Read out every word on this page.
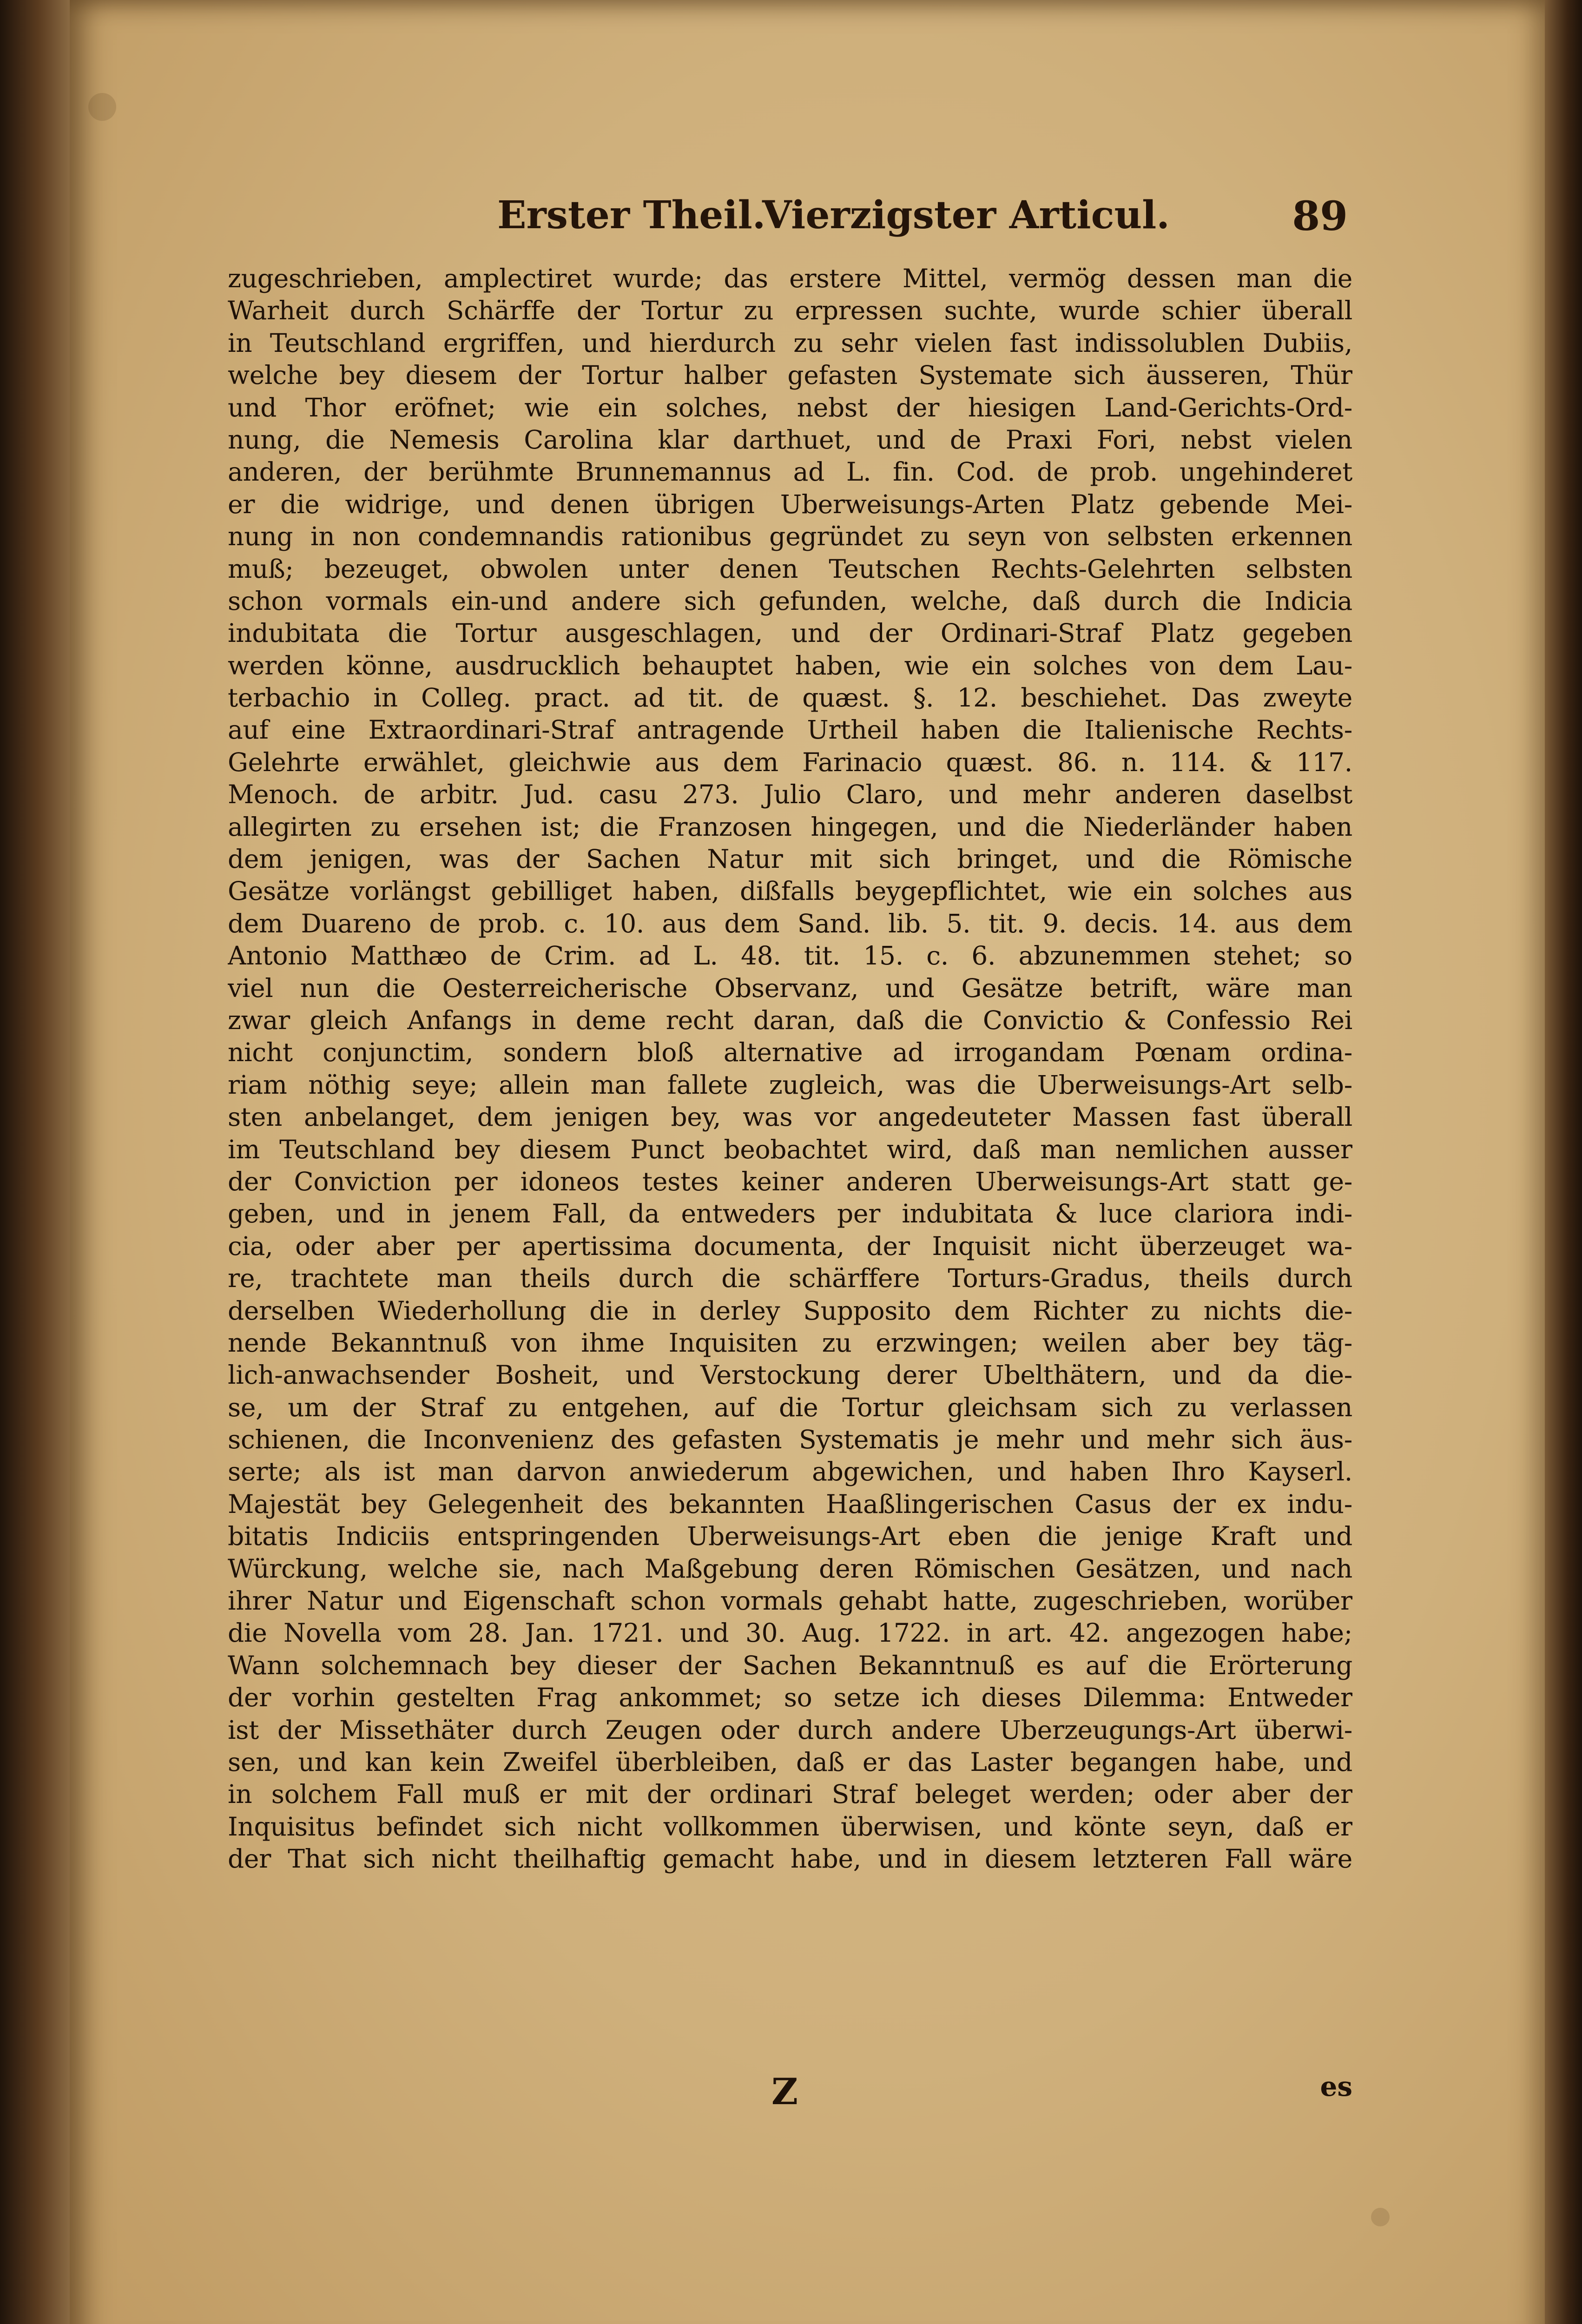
Erster Theil.
Vierzigster Articul.	89
zugeschrieben, amplectiret wurde; das erstere Mittel, vermög dessen man die
Warheit durch Schärffe der Tortur zu erpressen suchte, wurde schier überall
in Teutschland ergriffen, und hierdurch zu sehr vielen fast indissolublen Dubiis,
welche bey diesem der Tortur halber gefasten Systemate sich äusseren, Thür
und Thor eröfnet; wie ein solches, nebst der hiesigen Land-Gerichts-Ord-
nung, die Nemesis Carolina klar darthuet, und de Praxi Fori, nebst vielen
anderen, der berühmte Brunnemannus ad L. fin. Cod. de prob. ungehinderet
er die widrige, und denen übrigen Uberweisungs-Arten Platz gebende Mei-
nung in non condemnandis rationibus gegründet zu seyn von selbsten erkennen
muß; bezeuget, obwolen unter denen Teutschen Rechts-Gelehrten selbsten
schon vormals ein-und andere sich gefunden, welche, daß durch die Indicia
indubitata die Tortur ausgeschlagen, und der Ordinari-Straf Platz gegeben
werden könne, ausdrucklich behauptet haben, wie ein solches von dem Lau-
terbachio in Colleg. pract. ad tit. de quæst. §. 12. beschiehet. Das zweyte
auf eine Extraordinari-Straf antragende Urtheil haben die Italienische Rechts-
Gelehrte erwählet, gleichwie aus dem Farinacio quæst. 86. n. 114. & 117.
Menoch. de arbitr. Jud. casu 273. Julio Claro, und mehr anderen daselbst
allegirten zu ersehen ist; die Franzosen hingegen, und die Niederländer haben
dem jenigen, was der Sachen Natur mit sich bringet, und die Römische
Gesätze vorlängst gebilliget haben, dißfalls beygepflichtet, wie ein solches aus
dem Duareno de prob. c. 10. aus dem Sand. lib. 5. tit. 9. decis. 14. aus dem
Antonio Matthæo de Crim. ad L. 48. tit. 15. c. 6. abzunemmen stehet; so
viel nun die Oesterreicherische Observanz, und Gesätze betrift, wäre man
zwar gleich Anfangs in deme recht daran, daß die Convictio & Confessio Rei
nicht conjunctim, sondern bloß alternative ad irrogandam Pœnam ordina-
riam nöthig seye; allein man fallete zugleich, was die Uberweisungs-Art selb-
sten anbelanget, dem jenigen bey, was vor angedeuteter Massen fast überall
im Teutschland bey diesem Punct beobachtet wird, daß man nemlichen ausser
der Conviction per idoneos testes keiner anderen Uberweisungs-Art statt ge-
geben, und in jenem Fall, da entweders per indubitata & luce clariora indi-
cia, oder aber per apertissima documenta, der Inquisit nicht überzeuget wa-
re, trachtete man theils durch die schärffere Torturs-Gradus, theils durch
derselben Wiederhollung die in derley Supposito dem Richter zu nichts die-
nende Bekanntnuß von ihme Inquisiten zu erzwingen; weilen aber bey täg-
lich-anwachsender Bosheit, und Verstockung derer Ubelthätern, und da die-
se, um der Straf zu entgehen, auf die Tortur gleichsam sich zu verlassen
schienen, die Inconvenienz des gefasten Systematis je mehr und mehr sich äus-
serte; als ist man darvon anwiederum abgewichen, und haben Ihro Kayserl.
Majestät bey Gelegenheit des bekannten Haaßlingerischen Casus der ex indu-
bitatis Indiciis entspringenden Uberweisungs-Art eben die jenige Kraft und
Würckung, welche sie, nach Maßgebung deren Römischen Gesätzen, und nach
ihrer Natur und Eigenschaft schon vormals gehabt hatte, zugeschrieben, worüber
die Novella vom 28. Jan. 1721. und 30. Aug. 1722. in art. 42. angezogen habe;
Wann solchemnach bey dieser der Sachen Bekanntnuß es auf die Erörterung
der vorhin gestelten Frag ankommet; so setze ich dieses Dilemma: Entweder
ist der Missethäter durch Zeugen oder durch andere Uberzeugungs-Art überwi-
sen, und kan kein Zweifel überbleiben, daß er das Laster begangen habe, und
in solchem Fall muß er mit der ordinari Straf beleget werden; oder aber der
Inquisitus befindet sich nicht vollkommen überwisen, und könte seyn, daß er
der That sich nicht theilhaftig gemacht habe, und in diesem letzteren Fall wäre
Z	es
